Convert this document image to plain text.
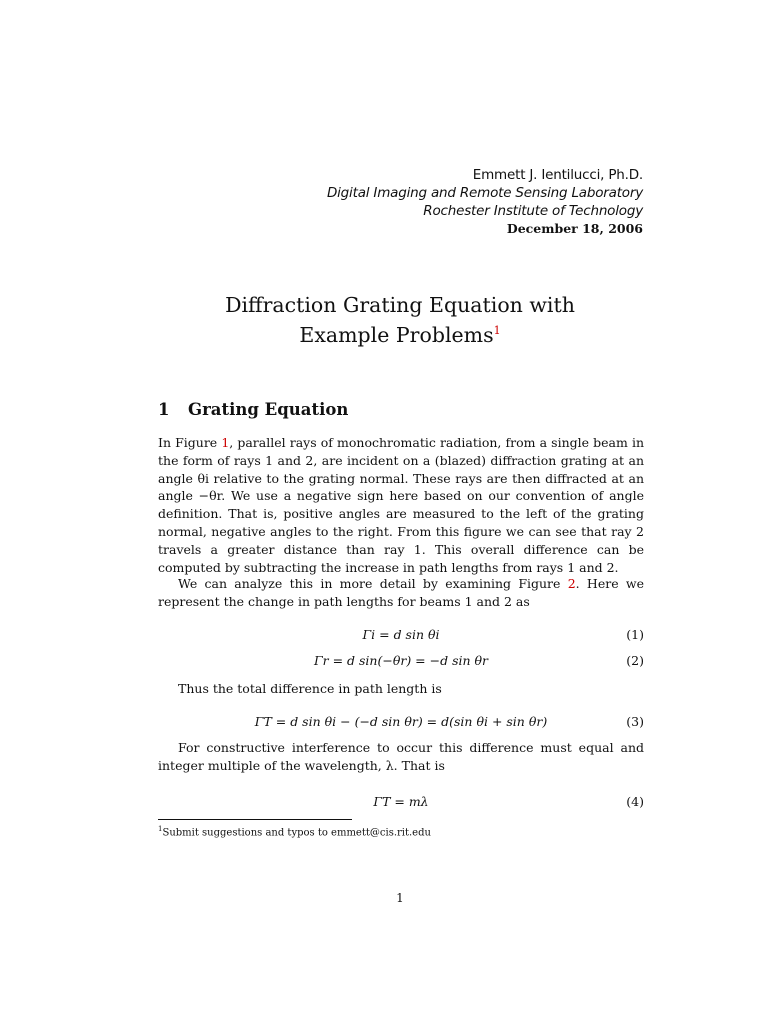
Emmett J. Ientilucci, Ph.D.
Digital Imaging and Remote Sensing Laboratory
Rochester Institute of Technology
December 18, 2006
Diffraction Grating Equation with
Example Problems$^1$
1 Grating Equation
In Figure 1, parallel rays of monochromatic radiation, from a single beam in the form of rays 1 and 2, are incident on a (blazed) diffraction grating at an angle θi relative to the grating normal. These rays are then diffracted at an angle −θr. We use a negative sign here based on our convention of angle definition. That is, positive angles are measured to the left of the grating normal, negative angles to the right. From this figure we can see that ray 2 travels a greater distance than ray 1. This overall difference can be computed by subtracting the increase in path lengths from rays 1 and 2.
We can analyze this in more detail by examining Figure 2. Here we represent the change in path lengths for beams 1 and 2 as
Γi = d sin θi	(1)
Γr = d sin(−θr) = −d sin θr	(2)
Thus the total difference in path length is
ΓT = d sin θi − (−d sin θr) = d(sin θi + sin θr)	(3)
For constructive interference to occur this difference must equal and integer multiple of the wavelength, λ. That is
ΓT = mλ	(4)
$^1$Submit suggestions and typos to emmett@cis.rit.edu
1
